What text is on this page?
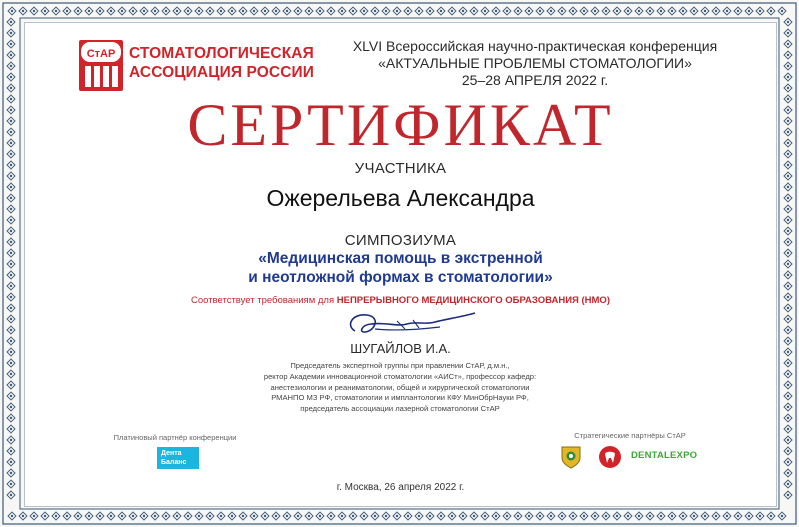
СтАР СТОМАТОЛОГИЧЕСКАЯ
АССОЦИАЦИЯ РОССИИ
XLVI Всероссийская научно-практическая конференция
«АКТУАЛЬНЫЕ ПРОБЛЕМЫ СТОМАТОЛОГИИ»
25–28 АПРЕЛЯ 2022 г.
СЕРТИФИКАТ
УЧАСТНИКА
Ожерельева Александра
СИМПОЗИУМА
«Медицинская помощь в экстренной
и неотложной формах в стоматологии»
Соответствует требованиям для НЕПРЕРЫВНОГО МЕДИЦИНСКОГО ОБРАЗОВАНИЯ (НМО)
ШУГАЙЛОВ И.А.
Председатель экспертной группы при правлении СтАР, д.м.н.,
ректор Академии инновационной стоматологии «АИСт», профессор кафедр:
анестезиологии и реаниматологии, общей и хирургической стоматологии
РМАНПО МЗ РФ, стоматологии и имплантологии КФУ МинОбрНауки РФ,
председатель ассоциации лазерной стоматологии СтАР
Платиновый партнёр конференции
Дента
Баланс
Стратегические партнёры СтАР
DENTALEXPO
г. Москва, 26 апреля 2022 г.
